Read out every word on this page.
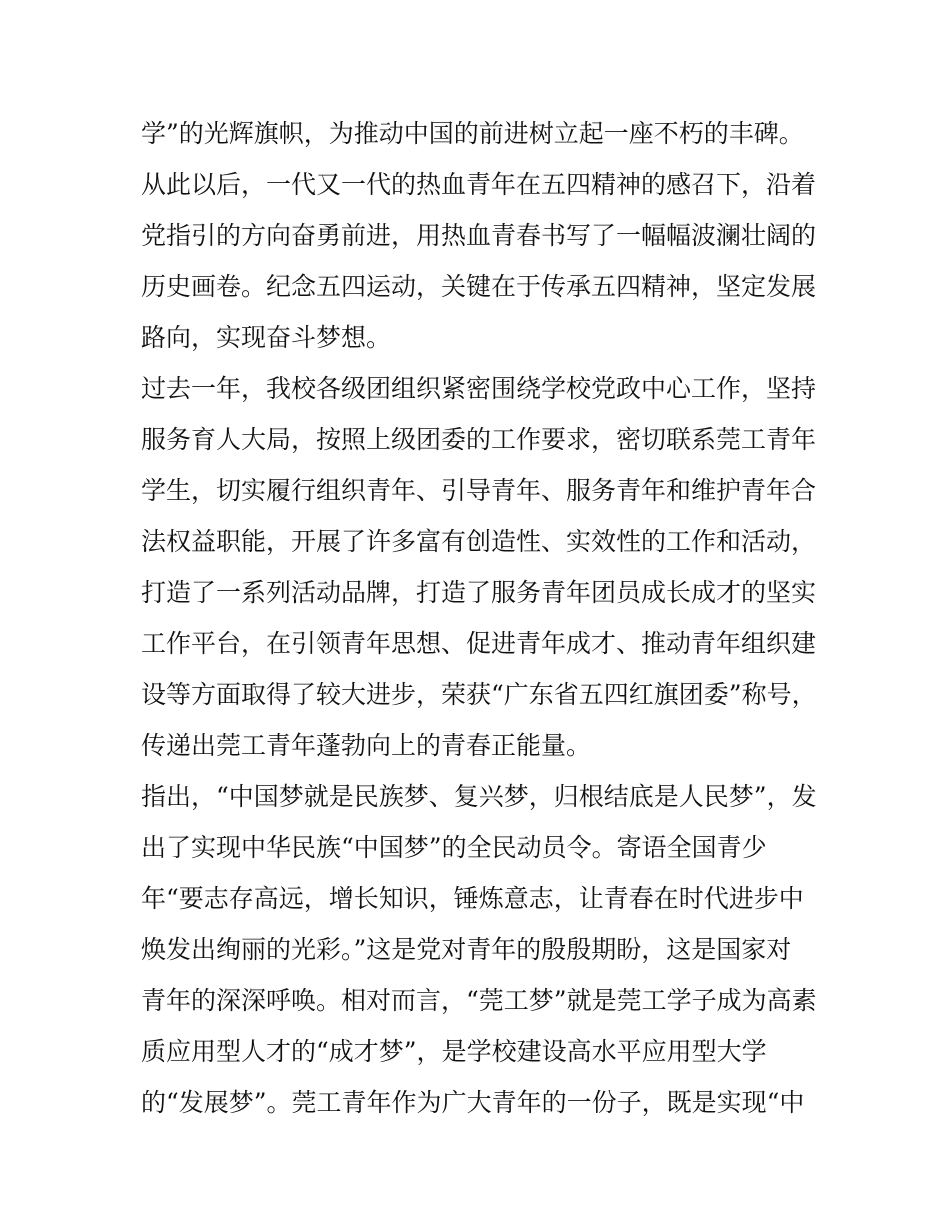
学”的光辉旗帜，为推动中国的前进树立起一座不朽的丰碑。
从此以后，一代又一代的热血青年在五四精神的感召下，沿着
党指引的方向奋勇前进，用热血青春书写了一幅幅波澜壮阔的
历史画卷。纪念五四运动，关键在于传承五四精神，坚定发展
路向，实现奋斗梦想。
过去一年，我校各级团组织紧密围绕学校党政中心工作，坚持
服务育人大局，按照上级团委的工作要求，密切联系莞工青年
学生，切实履行组织青年、引导青年、服务青年和维护青年合
法权益职能，开展了许多富有创造性、实效性的工作和活动，
打造了一系列活动品牌，打造了服务青年团员成长成才的坚实
工作平台，在引领青年思想、促进青年成才、推动青年组织建
设等方面取得了较大进步，荣获“广东省五四红旗团委”称号，
传递出莞工青年蓬勃向上的青春正能量。
指出，“中国梦就是民族梦、复兴梦，归根结底是人民梦”，发
出了实现中华民族“中国梦”的全民动员令。寄语全国青少
年“要志存高远，增长知识，锤炼意志，让青春在时代进步中
焕发出绚丽的光彩。”这是党对青年的殷殷期盼，这是国家对
青年的深深呼唤。相对而言，“莞工梦”就是莞工学子成为高素
质应用型人才的“成才梦”，是学校建设高水平应用型大学
的“发展梦”。莞工青年作为广大青年的一份子，既是实现“中
